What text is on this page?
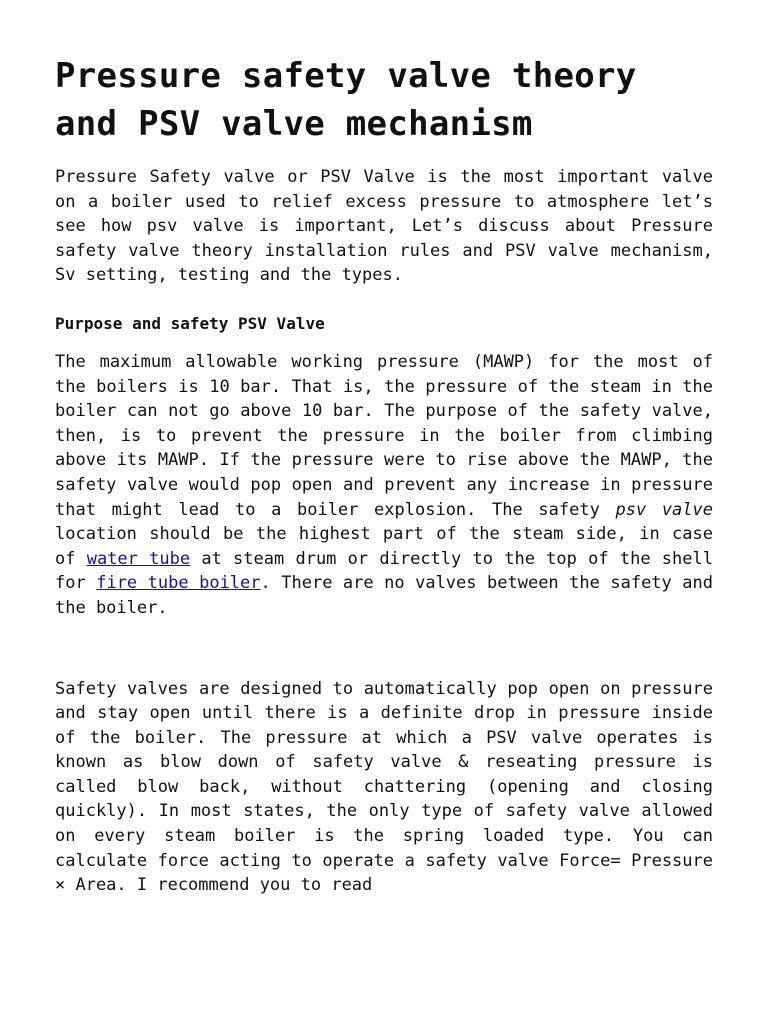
Pressure safety valve theory and PSV valve mechanism

Pressure Safety valve or PSV Valve is the most important valve on a boiler used to relief excess pressure to atmosphere let’s see how psv valve is important, Let’s discuss about Pressure safety valve theory installation rules and PSV valve mechanism, Sv setting, testing and the types.

Purpose and safety PSV Valve

The maximum allowable working pressure (MAWP) for the most of the boilers is 10 bar. That is, the pressure of the steam in the boiler can not go above 10 bar. The purpose of the safety valve, then, is to prevent the pressure in the boiler from climbing above its MAWP. If the pressure were to rise above the MAWP, the safety valve would pop open and prevent any increase in pressure that might lead to a boiler explosion. The safety psv valve location should be the highest part of the steam side, in case of water tube at steam drum or directly to the top of the shell for fire tube boiler. There are no valves between the safety and the boiler.

Safety valves are designed to automatically pop open on pressure and stay open until there is a definite drop in pressure inside of the boiler. The pressure at which a PSV valve operates is known as blow down of safety valve & reseating pressure is called blow back, without chattering (opening and closing quickly). In most states, the only type of safety valve allowed on every steam boiler is the spring loaded type. You can calculate force acting to operate a safety valve Force= Pressure × Area. I recommend you to read
